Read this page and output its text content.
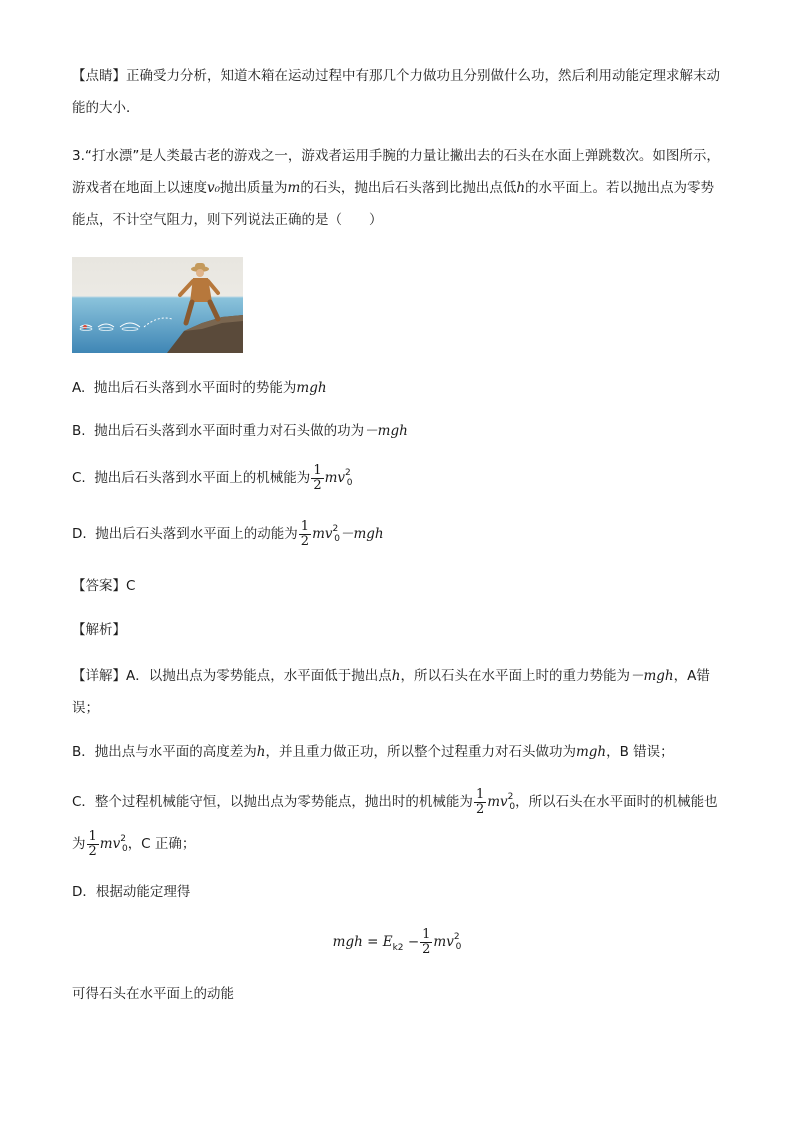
【点睛】正确受力分析，知道木箱在运动过程中有那几个力做功且分别做什么功，然后利用动能定理求解末动能的大小．
3.“打水漂”是人类最古老的游戏之一，游戏者运用手腕的力量让撇出去的石头在水面上弹跳数次。如图所示，游戏者在地面上以速度v₀抛出质量为m的石头，抛出后石头落到比抛出点低h的水平面上。若以抛出点为零势能点，不计空气阻力，则下列说法正确的是（　　）
A. 抛出后石头落到水平面时的势能为mgh
B. 抛出后石头落到水平面时重力对石头做的功为－mgh
C. 抛出后石头落到水平面上的机械能为 $\frac{1}{2} mv^2_0$
D. 抛出后石头落到水平面上的动能为 $\frac{1}{2} mv^2_0-mgh$
【答案】C
【解析】
【详解】A．以抛出点为零势能点，水平面低于抛出点h，所以石头在水平面上时的重力势能为－mgh，A错误；
B．抛出点与水平面的高度差为h，并且重力做正功，所以整个过程重力对石头做功为mgh，B 错误；
C．整个过程机械能守恒，以抛出点为零势能点，抛出时的机械能为 $\frac{1}{2} mv^2_0$，所以石头在水平面时的机械能也为 $\frac{1}{2} mv^2_0$，C 正确；
D．根据动能定理得
mgh = $E_{k2} - \frac{1}{2} mv^2_0$
可得石头在水平面上的动能
